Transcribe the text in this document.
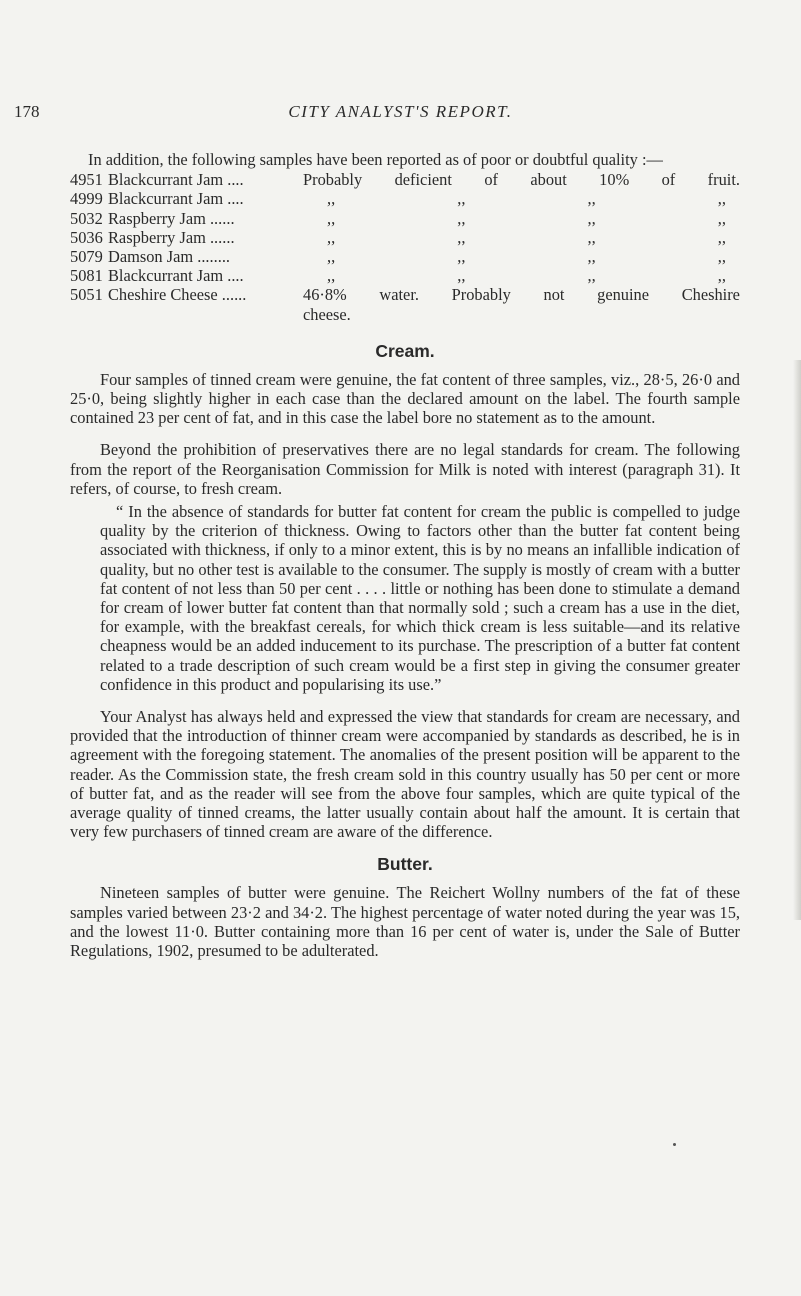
178	CITY ANALYST'S REPORT.

In addition, the following samples have been reported as of poor or doubtful quality :—

4951 Blackcurrant Jam ....	Probably deficient of about 10% of fruit.
4999 Blackcurrant Jam ....	,,	,,	,,	,,
5032 Raspberry Jam ......	,,	,,	,,	,,
5036 Raspberry Jam ......	,,	,,	,,	,,
5079 Damson Jam ........	,,	,,	,,	,,
5081 Blackcurrant Jam ....	,,	,,	,,	,,
5051 Cheshire Cheese ......	46·8% water. Probably not genuine Cheshire
cheese.
Cream.

Four samples of tinned cream were genuine, the fat content of three samples, viz., 28·5, 26·0 and 25·0, being slightly higher in each case than the declared amount on the label. The fourth sample contained 23 per cent of fat, and in this case the label bore no statement as to the amount.

Beyond the prohibition of preservatives there are no legal standards for cream. The following from the report of the Reorganisation Commission for Milk is noted with interest (paragraph 31). It refers, of course, to fresh cream.

“ In the absence of standards for butter fat content for cream the public is compelled to judge quality by the criterion of thickness. Owing to factors other than the butter fat content being associated with thickness, if only to a minor extent, this is by no means an infallible indication of quality, but no other test is available to the consumer. The supply is mostly of cream with a butter fat content of not less than 50 per cent . . . . little or nothing has been done to stimulate a demand for cream of lower butter fat content than that normally sold ; such a cream has a use in the diet, for example, with the breakfast cereals, for which thick cream is less suitable—and its relative cheapness would be an added inducement to its purchase. The prescription of a butter fat content related to a trade description of such cream would be a first step in giving the consumer greater confidence in this product and popularising its use.”

Your Analyst has always held and expressed the view that standards for cream are necessary, and provided that the introduction of thinner cream were accompanied by standards as described, he is in agreement with the foregoing statement. The anomalies of the present position will be apparent to the reader. As the Commission state, the fresh cream sold in this country usually has 50 per cent or more of butter fat, and as the reader will see from the above four samples, which are quite typical of the average quality of tinned creams, the latter usually contain about half the amount. It is certain that very few purchasers of tinned cream are aware of the difference.

Butter.

Nineteen samples of butter were genuine. The Reichert Wollny numbers of the fat of these samples varied between 23·2 and 34·2. The highest percentage of water noted during the year was 15, and the lowest 11·0. Butter containing more than 16 per cent of water is, under the Sale of Butter Regulations, 1902, presumed to be adulterated.
